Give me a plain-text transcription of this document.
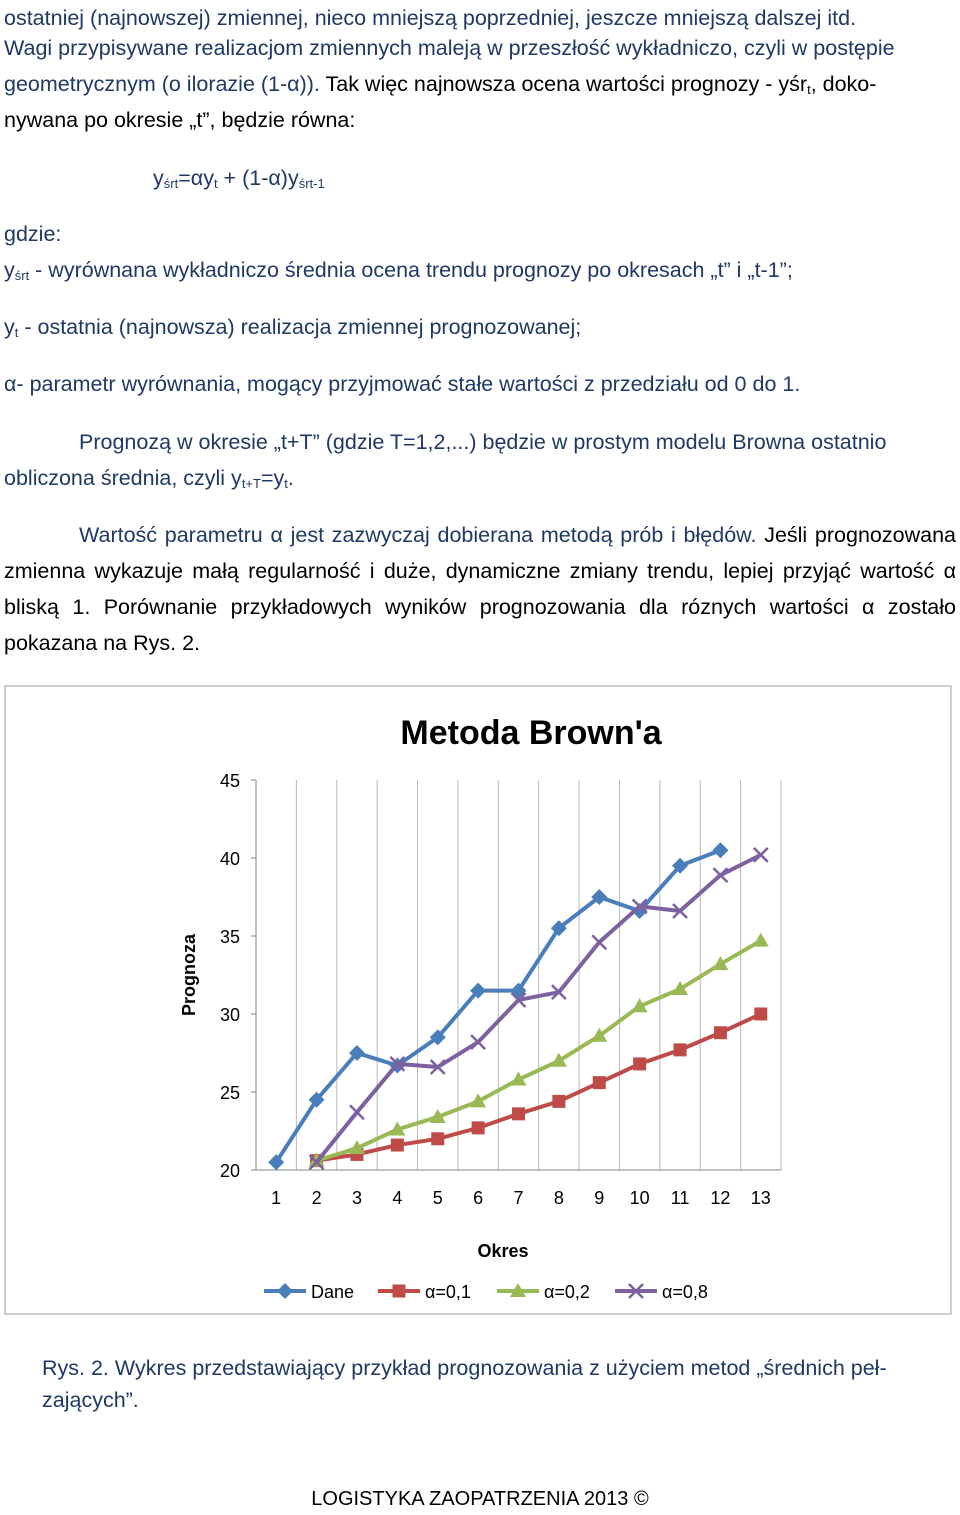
ostatniej (najnowszej) zmiennej, nieco mniejszą poprzedniej, jeszcze mniejszą dalszej itd.

Wagi przypisywane realizacjom zmiennych maleją w przeszłość wykładniczo, czyli w postępie

geometrycznym (o ilorazie (1-α)). Tak więc najnowsza ocena wartości prognozy - yśr$_t$, doko-

nywana po okresie „t”, będzie równa:

$y_{śrt}=\alpha y_t + (1-\alpha)y_{śrt-1}$

gdzie:

$y_{śrt}$ - wyrównana wykładniczo średnia ocena trendu prognozy po okresach „t” i „t-1”;

$y_t$ - ostatnia (najnowsza) realizacja zmiennej prognozowanej;

α- parametr wyrównania, mogący przyjmować stałe wartości z przedziału od 0 do 1.

Prognozą w okresie „t+T” (gdzie T=1,2,...) będzie w prostym modelu Browna ostatnio obliczona średnia, czyli $y_{t+T}=y_t$.

Wartość parametru α jest zazwyczaj dobierana metodą prób i błędów. Jeśli prognozowana zmienna wykazuje małą regularność i duże, dynamiczne zmiany trendu, lepiej przyjąć wartość α bliską 1. Porównanie przykładowych wyników prognozowania dla róznych wartości α zostało pokazana na Rys. 2.

20
25
30
35
40
45
1 2 3 4 5 6 7 8 9 10 11 12 13
Metoda Brown'a
Okres
Prognoza
Dane	α=0,1	α=0,2	α=0,8
Rys. 2. Wykres przedstawiający przykład prognozowania z użyciem metod „średnich pełzających”.
LOGISTYKA ZAOPATRZENIA 2013 ©
